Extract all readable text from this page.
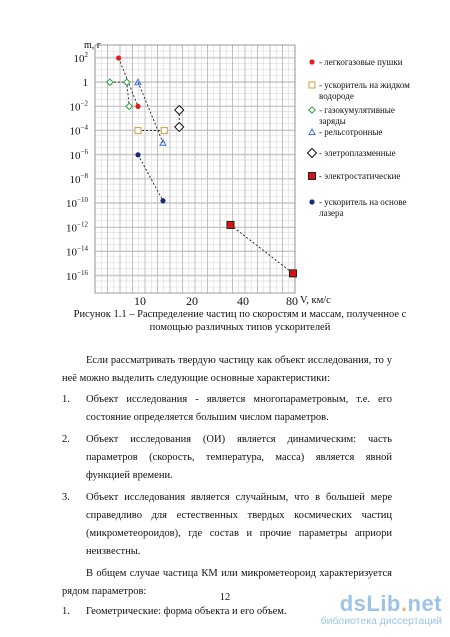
$10^2$
1
$10^{-2}$
$10^{-4}$
$10^{-6}$
$10^{-8}$
$10^{-10}$
$10^{-12}$
$10^{-14}$
$10^{-16}$
m, г
V, км/с
10	20	40	80
- легкогазовые пушки
- ускоритель на жидком
водороде
- газокумулятивные
заряды
- рельсотронные
- элетроплазменные
- электростатические
- ускоритель на основе
лазера
Рисунок 1.1 – Распределение частиц по скоростям и массам, полученное с
помощью различных типов ускорителей

Если рассматривать твердую частицу как объект исследования, то у неё можно выделить следующие основные характеристики:

1. Объект исследования - является многопараметровым, т.е. его состояние определяется большим числом параметров.
2. Объект исследования (ОИ) является динамическим: часть параметров (скорость, температура, масса) является явной функцией времени.
3. Объект исследования является случайным, что в большей мере справедливо для естественных твердых космических частиц (микрометеороидов), где состав и прочие параметры априори неизвестны.

В общем случае частица КМ или микрометеороид характеризуется рядом параметров:

1. Геометрические: форма объекта и его объем.
12	dsLib.net
библиотека диссертаций
